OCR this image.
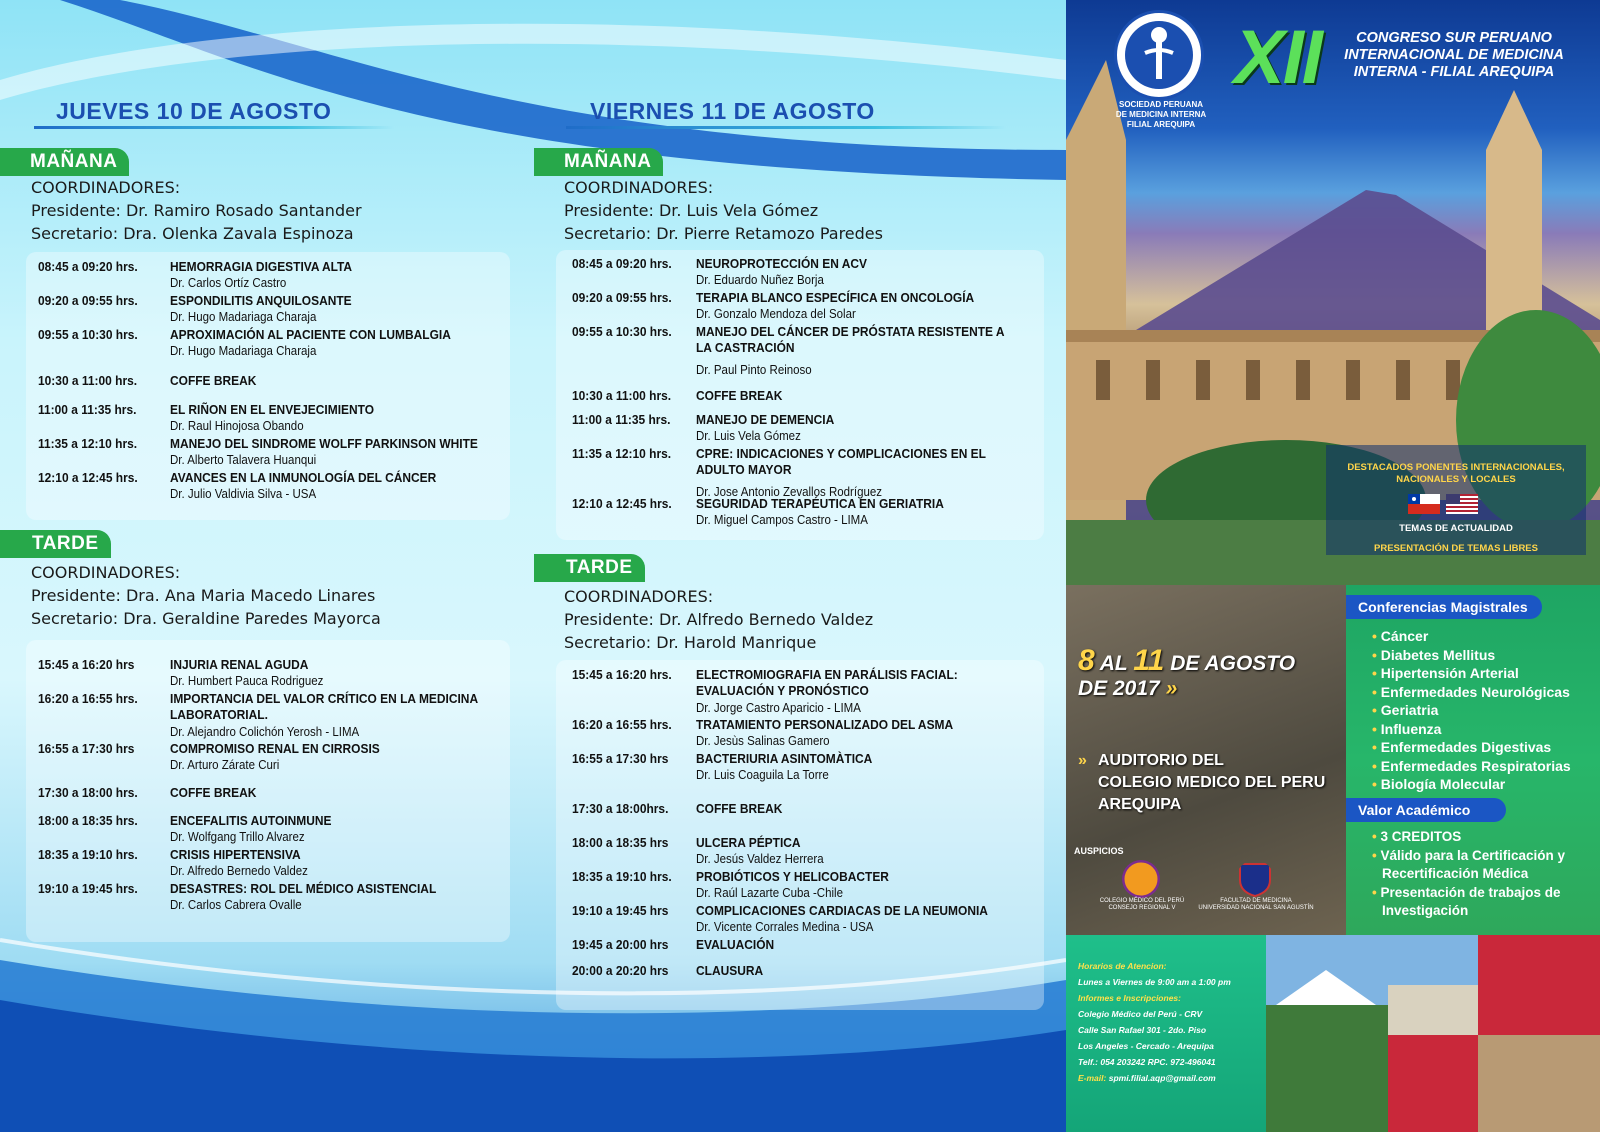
JUEVES 10 DE AGOSTO
MAÑANA
COORDINADORES:
Presidente: Dr. Ramiro Rosado Santander
Secretario: Dra. Olenka Zavala Espinoza
08:45 a 09:20 hrs. HEMORRAGIA DIGESTIVA ALTA
Dr. Carlos Ortíz Castro
09:20 a 09:55 hrs. ESPONDILITIS ANQUILOSANTE
Dr. Hugo Madariaga Charaja
09:55 a 10:30 hrs. APROXIMACIÓN AL PACIENTE CON LUMBALGIA
Dr. Hugo Madariaga Charaja
10:30 a 11:00 hrs.	COFFE BREAK
11:00 a 11:35 hrs.	EL RIÑON EN EL ENVEJECIMIENTO
Dr. Raul Hinojosa Obando
11:35 a 12:10 hrs.	MANEJO DEL SINDROME WOLFF PARKINSON WHITE
Dr. Alberto Talavera Huanqui
12:10 a 12:45 hrs. AVANCES EN LA INMUNOLOGÍA DEL CÁNCER
Dr. Julio Valdivia Silva - USA
TARDE
COORDINADORES:
Presidente: Dra. Ana Maria Macedo Linares
Secretario: Dra. Geraldine Paredes Mayorca
15:45 a 16:20 hrs	INJURIA RENAL AGUDA
Dr. Humbert Pauca Rodriguez
16:20 a 16:55 hrs. IMPORTANCIA DEL VALOR CRÍTICO EN LA MEDICINA
LABORATORIAL.
Dr. Alejandro Colichón Yerosh - LIMA
16:55 a 17:30 hrs	COMPROMISO RENAL EN CIRROSIS
Dr. Arturo Zárate Curi
17:30 a 18:00 hrs. COFFE BREAK
18:00 a 18:35 hrs. ENCEFALITIS AUTOINMUNE
Dr. Wolfgang Trillo Alvarez
18:35 a 19:10 hrs. CRISIS HIPERTENSIVA
Dr. Alfredo Bernedo Valdez
19:10 a 19:45 hrs. DESASTRES: ROL DEL MÉDICO ASISTENCIAL
Dr. Carlos Cabrera Ovalle
VIERNES 11 DE AGOSTO
MAÑANA
COORDINADORES:
Presidente: Dr. Luis Vela Gómez
Secretario: Dr. Pierre Retamozo Paredes
08:45 a 09:20 hrs. NEUROPROTECCIÓN EN ACV
Dr. Eduardo Nuñez Borja
09:20 a 09:55 hrs. TERAPIA BLANCO ESPECÍFICA EN ONCOLOGÍA
Dr. Gonzalo Mendoza del Solar
09:55 a 10:30 hrs. MANEJO DEL CÁNCER DE PRÓSTATA RESISTENTE A
LA CASTRACIÓN
Dr. Paul Pinto Reinoso
10:30 a 11:00 hrs. COFFE BREAK
11:00 a 11:35 hrs. MANEJO DE DEMENCIA
Dr. Luis Vela Gómez
11:35 a 12:10 hrs. CPRE: INDICACIONES Y COMPLICACIONES EN EL
ADULTO MAYOR
Dr. Jose Antonio Zevallos Rodríguez
12:10 a 12:45 hrs. SEGURIDAD TERAPÉUTICA EN GERIATRIA
Dr. Miguel Campos Castro - LIMA
TARDE
COORDINADORES:
Presidente: Dr. Alfredo Bernedo Valdez
Secretario: Dr. Harold Manrique
15:45 a 16:20 hrs. ELECTROMIOGRAFIA EN PARÁLISIS FACIAL:
EVALUACIÓN Y PRONÓSTICO
Dr. Jorge Castro Aparicio - LIMA
16:20 a 16:55 hrs. TRATAMIENTO PERSONALIZADO DEL ASMA
Dr. Jesùs Salinas Gamero
16:55 a 17:30 hrs BACTERIURIA ASINTOMÀTICA
Dr. Luis Coaguila La Torre
17:30 a 18:00hrs. COFFE BREAK
18:00 a 18:35 hrs ULCERA PÉPTICA
Dr. Jesús Valdez Herrera
18:35 a 19:10 hrs. PROBIÓTICOS Y HELICOBACTER
Dr. Raúl Lazarte Cuba -Chile
19:10 a 19:45 hrs COMPLICACIONES CARDIACAS DE LA NEUMONIA
Dr. Vicente Corrales Medina - USA
19:45 a 20:00 hrs EVALUACIÓN
20:00 a 20:20 hrs CLAUSURA
SOCIEDAD PERUANA
DE MEDICINA INTERNA
FILIAL AREQUIPA
XII	CONGRESO SUR PERUANO
INTERNACIONAL DE MEDICINA
INTERNA - FILIAL AREQUIPA
DESTACADOS PONENTES INTERNACIONALES,
NACIONALES Y LOCALES
TEMAS DE ACTUALIDAD
PRESENTACIÓN DE TEMAS LIBRES
8 AL 11 DE AGOSTO
DE 2017 »
» AUDITORIO DEL
COLEGIO MEDICO DEL PERU
AREQUIPA
AUSPICIOS
COLEGIO MÉDICO DEL PERÚ
CONSEJO REGIONAL V
FACULTAD DE MEDICINA
UNIVERSIDAD NACIONAL SAN AGUSTÍN
Conferencias Magistrales
• Cáncer
• Diabetes Mellitus
• Hipertensión Arterial
• Enfermedades Neurológicas
• Geriatria
• Influenza
• Enfermedades Digestivas
• Enfermedades Respiratorias
• Biología Molecular
Valor Académico
• 3 CREDITOS
• Válido para la Certificación y
Recertificación Médica
• Presentación de trabajos de
Investigación
Horarios de Atencion:
Lunes a Viernes de 9:00 am a 1:00 pm
Informes e Inscripciones:
Colegio Médico del Perú - CRV
Calle San Rafael 301 - 2do. Piso
Los Angeles - Cercado - Arequipa
Telf.: 054 203242 RPC. 972-496041
E-mail: spmi.filial.aqp@gmail.com
